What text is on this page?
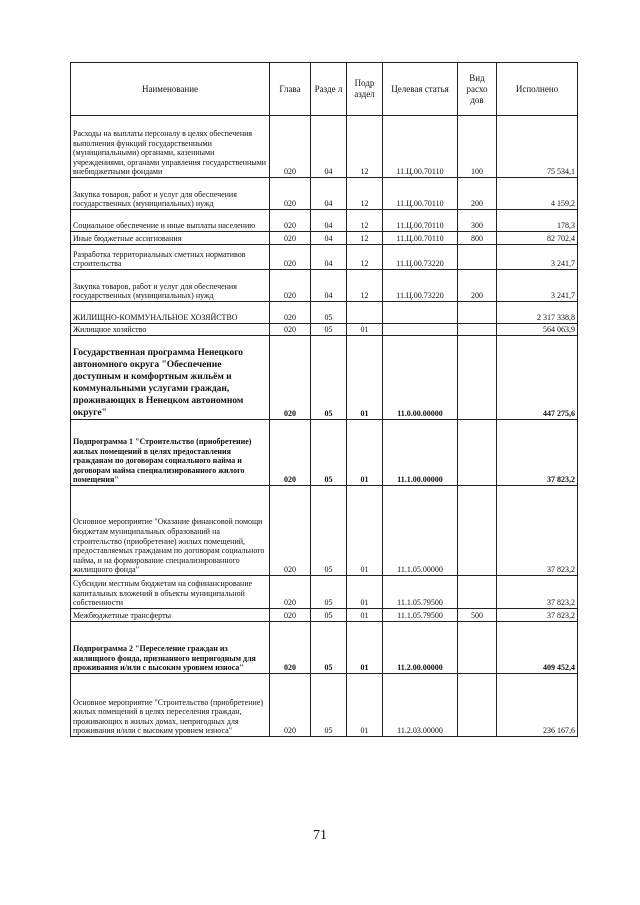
Наименование	Глава	Разде л	Подр аздел	Целевая статья	Вид расхо дов	Исполнено
Расходы на выплаты персоналу в целях обеспечения выполнения функций государственными (муниципальными) органами, казенными учреждениями, органами управления государственными внебюджетными фондами	020	04	12	11.Ц.00.70110	100	75 534,1
Закупка товаров, работ и услуг для обеспечения государственных (муниципальных) нужд	020	04	12	11.Ц.00.70110	200	4 159,2
Социальное обеспечение и иные выплаты населению	020	04	12	11.Ц.00.70110	300	178,3
Иные бюджетные ассигнования	020	04	12	11.Ц.00.70110	800	82 702,4
Разработка территориальных сметных нормативов строительства	020	04	12	11.Ц.00.73220		3 241,7
Закупка товаров, работ и услуг для обеспечения государственных (муниципальных) нужд	020	04	12	11.Ц.00.73220	200	3 241,7
ЖИЛИЩНО-КОММУНАЛЬНОЕ ХОЗЯЙСТВО	020	05				2 317 338,8
Жилищное хозяйство	020	05	01			564 063,9
Государственная программа Ненецкого автономного округа "Обеспечение доступным и комфортным жильём и коммунальными услугами граждан, проживающих в Ненецком автономном округе"	020	05	01	11.0.00.00000		447 275,6
Подпрограмма 1 "Строительство (приобретение) жилых помещений в целях предоставления гражданам по договорам социального найма и договорам найма специализированного жилого помещения"	020	05	01	11.1.00.00000		37 823,2
Основное мероприятие "Оказание финансовой помощи бюджетам муниципальных образований на строительство (приобретение) жилых помещений, предоставляемых гражданам по договорам социального найма, и на формирование специализированного жилищного фонда"	020	05	01	11.1.05.00000		37 823,2
Субсидии местным бюджетам на софинансирование капитальных вложений в объекты муниципальной собственности	020	05	01	11.1.05.79500		37 823,2
Межбюджетные трансферты	020	05	01	11.1.05.79500	500	37 823,2
Подпрограмма 2 "Переселение граждан из жилищного фонда, признанного непригодным для проживания и/или с высоким уровнем износа"	020	05	01	11.2.00.00000		409 452,4
Основное мероприятие "Строительство (приобретение) жилых помещений в целях переселения граждан, проживающих в жилых домах, непригодных для проживания и/или с высоким уровнем износа"	020	05	01	11.2.03.00000		236 167,6
71
